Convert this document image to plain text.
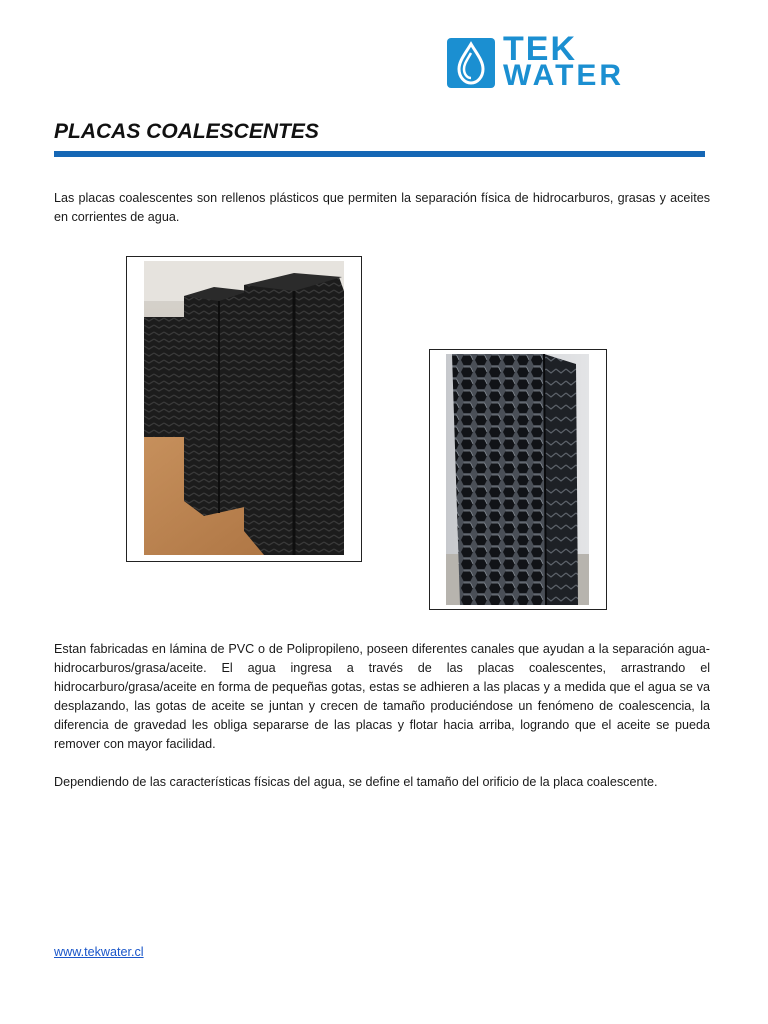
TEK
WATER
PLACAS COALESCENTES

Las placas coalescentes son rellenos plásticos que permiten la separación física de hidrocarburos, grasas y aceites en corrientes de agua.

Estan fabricadas en lámina de PVC o de Polipropileno, poseen diferentes canales que ayudan a la separación agua-hidrocarburos/grasa/aceite. El agua ingresa a través de las placas coalescentes, arrastrando el hidrocarburo/grasa/aceite en forma de pequeñas gotas, estas se adhieren a las placas y a medida que el agua se va desplazando, las gotas de aceite se juntan y crecen de tamaño produciéndose un fenómeno de coalescencia, la diferencia de gravedad les obliga separarse de las placas y flotar hacia arriba, logrando que el aceite se pueda remover con mayor facilidad.

Dependiendo de las características físicas del agua, se define el tamaño del orificio de la placa coalescente.

www.tekwater.cl
